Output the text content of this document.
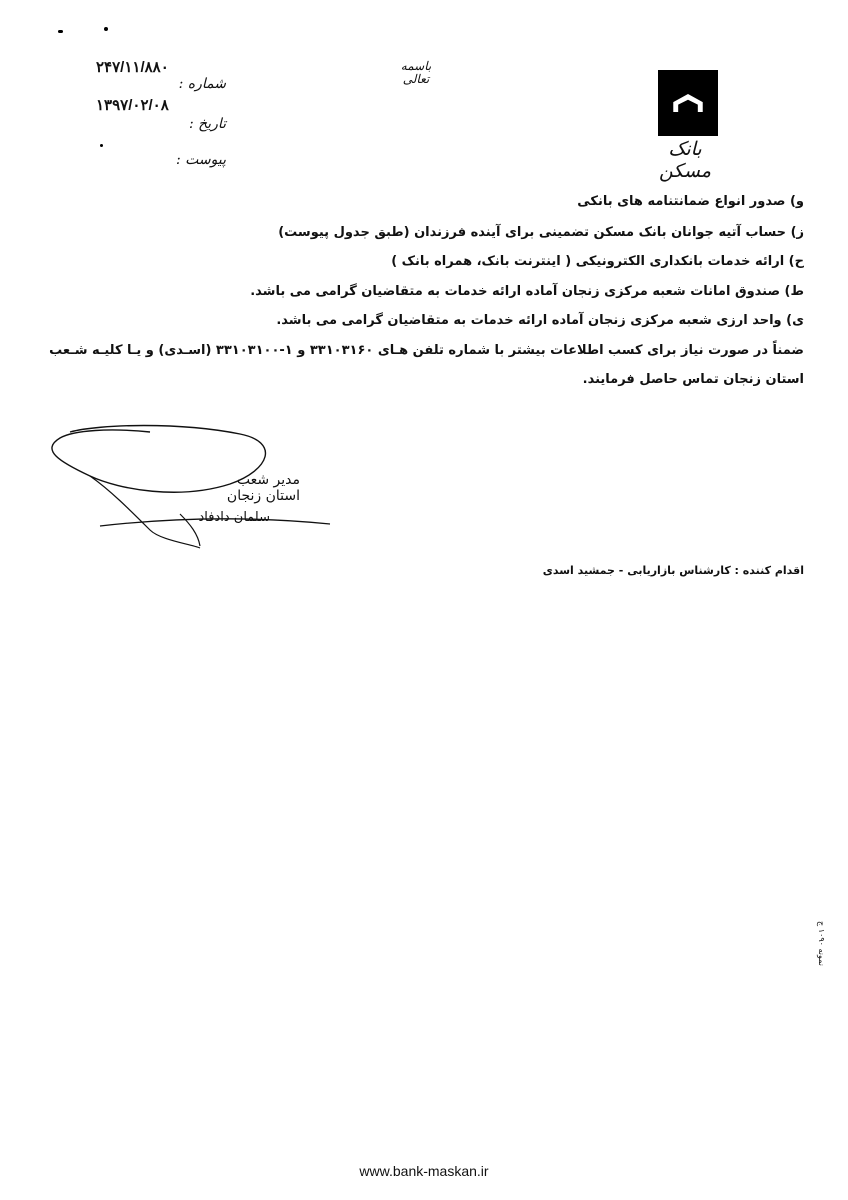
بانک مسکن
باسمه تعالی
۲۴۷/۱۱/۸۸۰
شماره :
۱۳۹۷/۰۲/۰۸
تاریخ :
پیوست :
و) صدور انواع ضمانتنامه های بانکی
ز) حساب آتیه جوانان بانک مسکن تضمینی برای آینده فرزندان (طبق جدول پیوست)
ح) ارائه خدمات بانکداری الکترونیکی ( اینترنت بانک، همراه بانک )
ط) صندوق امانات شعبه مرکزی زنجان آماده ارائه خدمات به متقاضیان گرامی می باشد.
ی) واحد ارزی شعبه مرکزی زنجان آماده ارائه خدمات به متقاضیان گرامی می باشد.
ضمناً در صورت نیاز برای کسب اطلاعات بیشتر با شماره تلفن هـای ۳۳۱۰۳۱۶۰ و ۱-۳۳۱۰۳۱۰۰ (اسـدی) و یـا کلیـه شـعب
استان زنجان تماس حاصل فرمایند.
مدیر شعب استان زنجان
سلمان دادفاد
اقدام کننده : کارشناس بازاریابی - جمشید اسدی
نمونه ۱۰۹۰ ج
www.bank-maskan.ir
